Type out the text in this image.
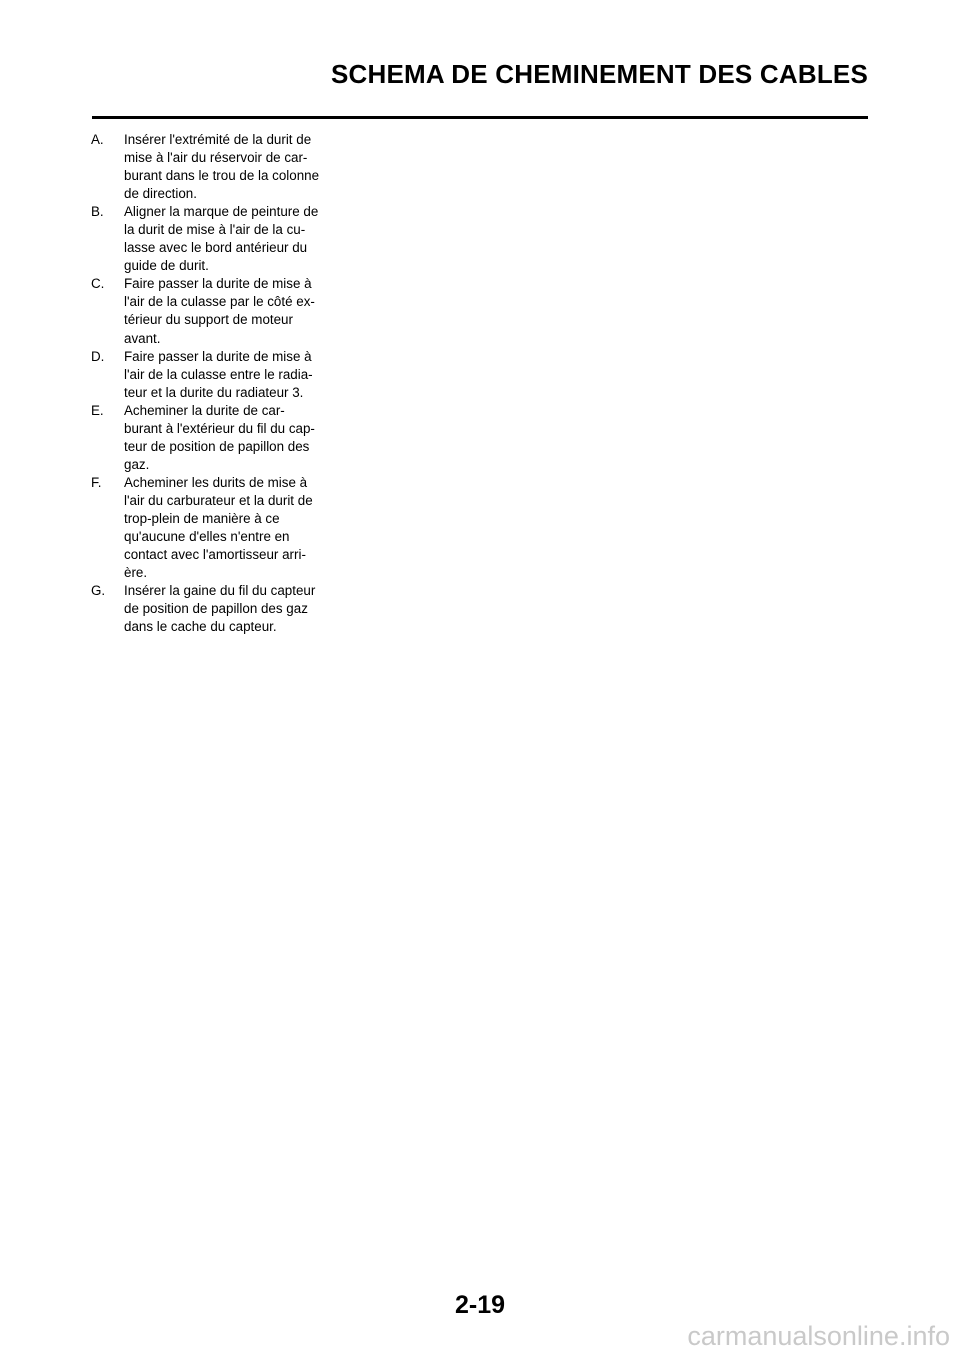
SCHEMA DE CHEMINEMENT DES CABLES
A.	Insérer l'extrémité de la durit de
mise à l'air du réservoir de car-
burant dans le trou de la colonne
de direction.
B.	Aligner la marque de peinture de
la durit de mise à l'air de la cu-
lasse avec le bord antérieur du
guide de durit.
C.	Faire passer la durite de mise à
l'air de la culasse par le côté ex-
térieur du support de moteur
avant.
D.	Faire passer la durite de mise à
l'air de la culasse entre le radia-
teur et la durite du radiateur 3.
E.	Acheminer la durite de car-
burant à l'extérieur du fil du cap-
teur de position de papillon des
gaz.
F.	Acheminer les durits de mise à
l'air du carburateur et la durit de
trop-plein de manière à ce
qu'aucune d'elles n'entre en
contact avec l'amortisseur arri-
ère.
G.	Insérer la gaine du fil du capteur
de position de papillon des gaz
dans le cache du capteur.
2-19
carmanualsonline.info
